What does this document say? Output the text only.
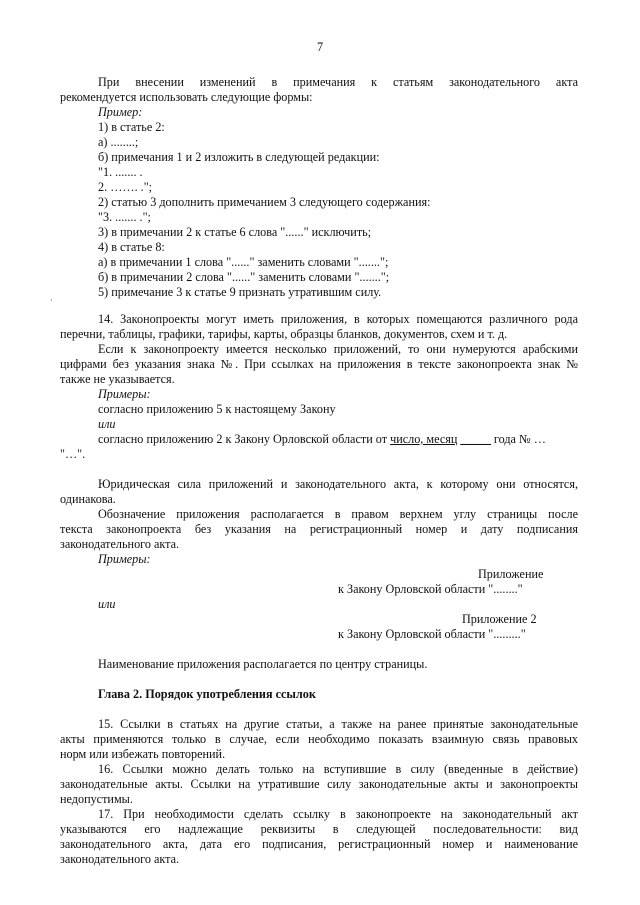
7
При внесении изменений в примечания к статьям законодательного акта
рекомендуется использовать следующие формы:
Пример:
1) в статье 2:
а) ........;
б) примечания 1 и 2 изложить в следующей редакции:
"1. ....... .
2. ……. .";
2) статью 3 дополнить примечанием 3 следующего содержания:
"3. ....... .";
3) в примечании 2 к статье 6 слова "......" исключить;
4) в статье 8:
а) в примечании 1 слова "......" заменить словами ".......";
б) в примечании 2 слова "......" заменить словами ".......";
5) примечание 3 к статье 9 признать утратившим силу.
·
14. Законопроекты могут иметь приложения, в которых помещаются различного рода
перечни, таблицы, графики, тарифы, карты, образцы бланков, документов, схем и т. д.
Если к законопроекту имеется несколько приложений, то они нумеруются арабскими
цифрами без указания знака №. При ссылках на приложения в тексте законопроекта знак №
также не указывается.
Примеры:
согласно приложению 5 к настоящему Закону
или
согласно приложению 2 к Закону Орловской области от число, месяц _____ года № …
"…".
Юридическая сила приложений и законодательного акта, к которому они относятся,
одинакова.
Обозначение приложения располагается в правом верхнем углу страницы после
текста законопроекта без указания на регистрационный номер и дату подписания
законодательного акта.
Примеры:
Приложение
к Закону Орловской области "........"
или
Приложение 2
к Закону Орловской области "........."
Наименование приложения располагается по центру страницы.
Глава 2. Порядок употребления ссылок
15. Ссылки в статьях на другие статьи, а также на ранее принятые законодательные
акты применяются только в случае, если необходимо показать взаимную связь правовых
норм или избежать повторений.
16. Ссылки можно делать только на вступившие в силу (введенные в действие)
законодательные акты. Ссылки на утратившие силу законодательные акты и законопроекты
недопустимы.
17. При необходимости сделать ссылку в законопроекте на законодательный акт
указываются его надлежащие реквизиты в следующей последовательности: вид
законодательного акта, дата его подписания, регистрационный номер и наименование
законодательного акта.
